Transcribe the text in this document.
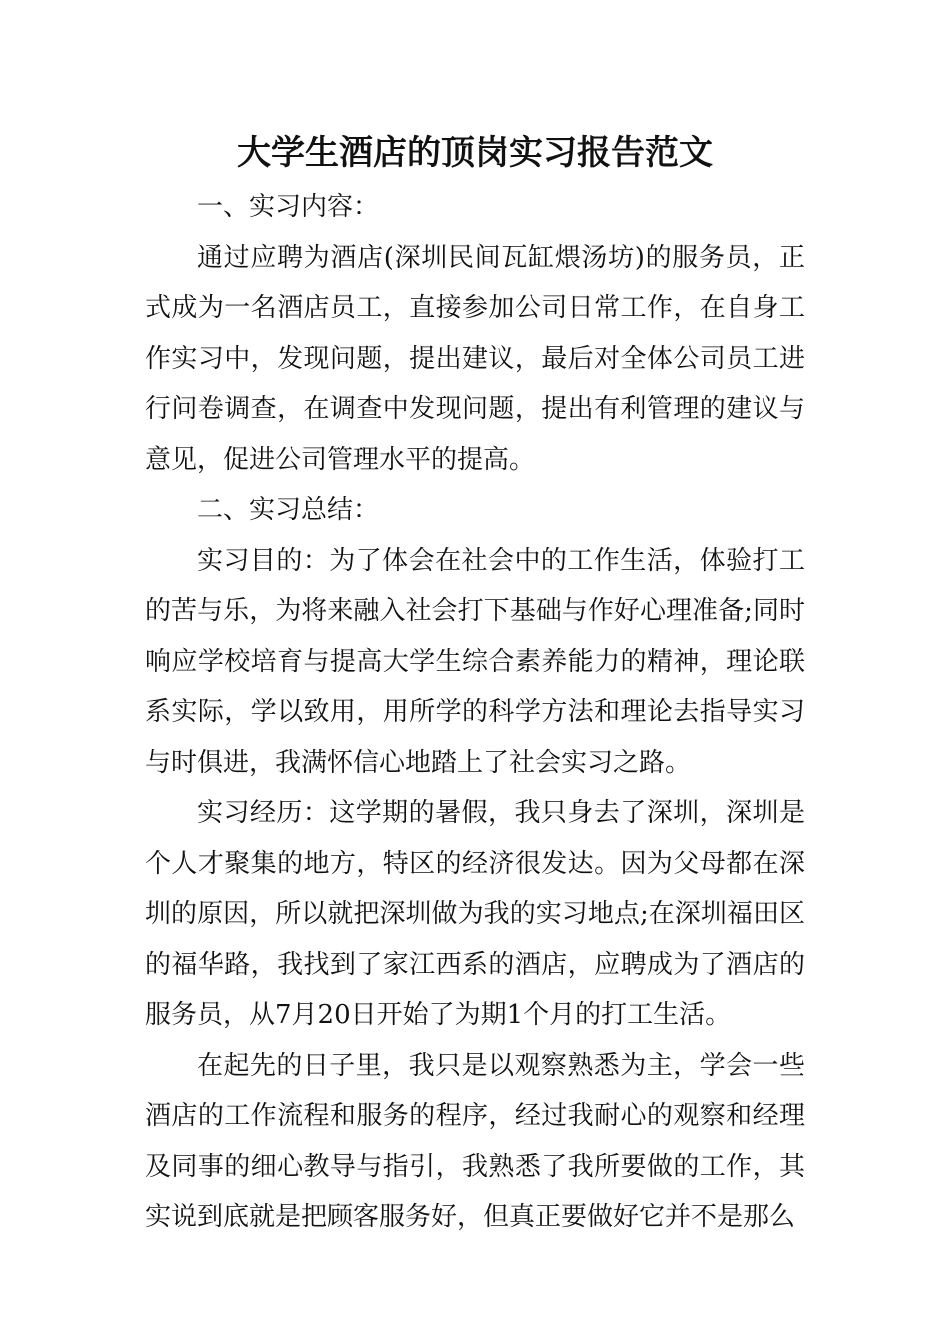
大学生酒店的顶岗实习报告范文

一、实习内容：

通过应聘为酒店(深圳民间瓦缸煨汤坊)的服务员，正式成为一名酒店员工，直接参加公司日常工作，在自身工作实习中，发现问题，提出建议，最后对全体公司员工进行问卷调查，在调查中发现问题，提出有利管理的建议与意见，促进公司管理水平的提高。

二、实习总结：

实习目的：为了体会在社会中的工作生活，体验打工的苦与乐，为将来融入社会打下基础与作好心理准备;同时响应学校培育与提高大学生综合素养能力的精神，理论联系实际，学以致用，用所学的科学方法和理论去指导实习与时俱进，我满怀信心地踏上了社会实习之路。

实习经历：这学期的暑假，我只身去了深圳，深圳是个人才聚集的地方，特区的经济很发达。因为父母都在深圳的原因，所以就把深圳做为我的实习地点;在深圳福田区的福华路，我找到了家江西系的酒店，应聘成为了酒店的服务员，从7月20日开始了为期1个月的打工生活。

在起先的日子里，我只是以观察熟悉为主，学会一些酒店的工作流程和服务的程序，经过我耐心的观察和经理及同事的细心教导与指引，我熟悉了我所要做的工作，其实说到底就是把顾客服务好，但真正要做好它并不是那么
